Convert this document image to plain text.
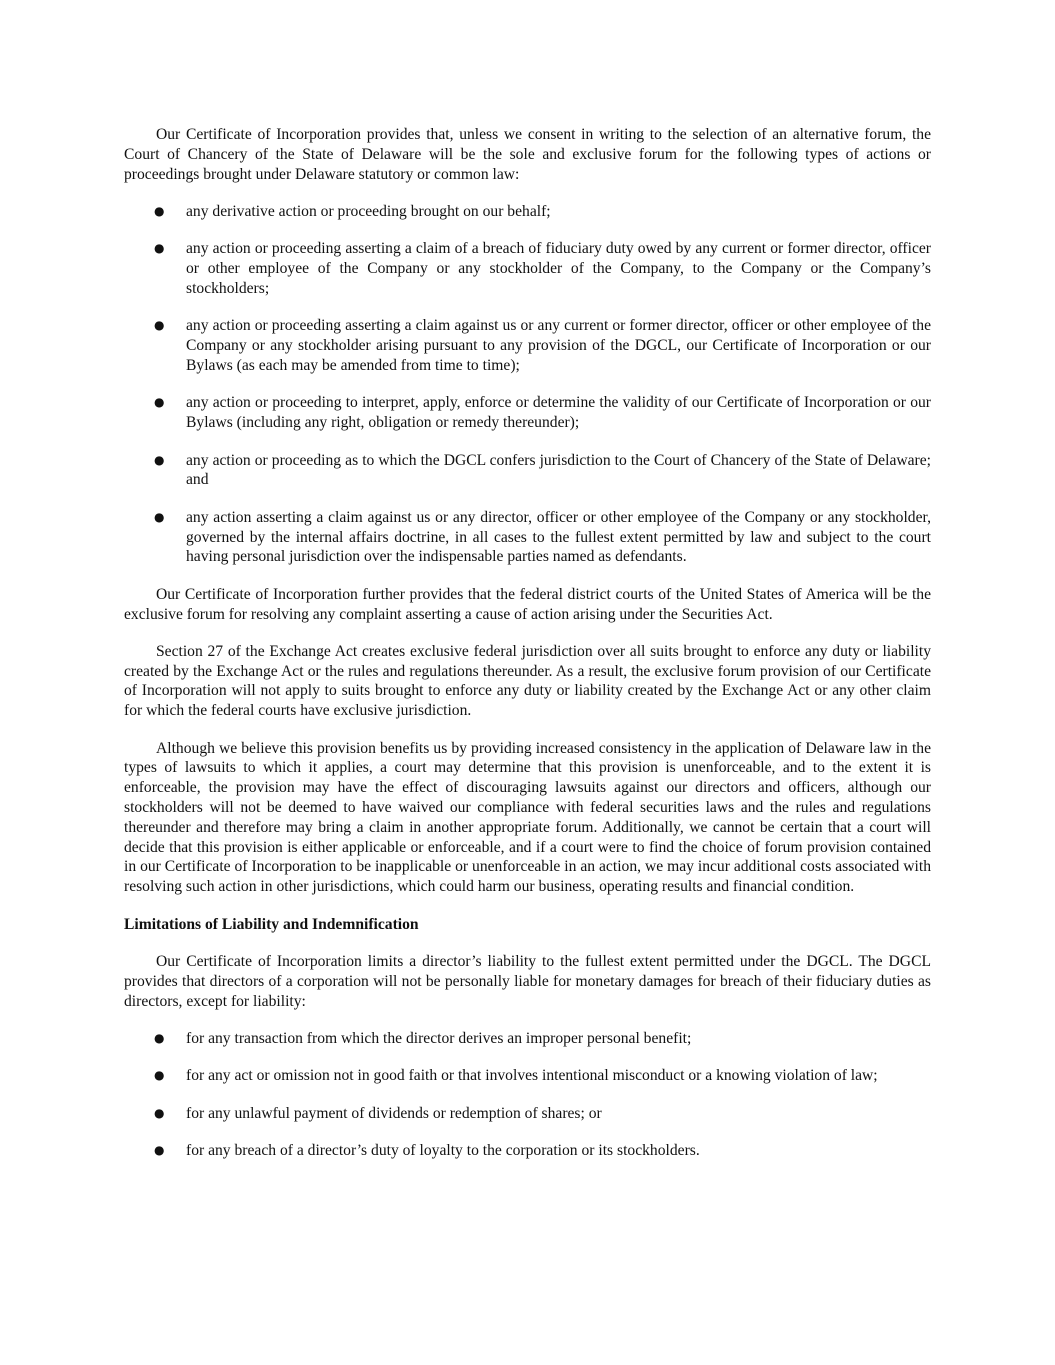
Our Certificate of Incorporation provides that, unless we consent in writing to the selection of an alternative forum, the Court of Chancery of the State of Delaware will be the sole and exclusive forum for the following types of actions or proceedings brought under Delaware statutory or common law:

● any derivative action or proceeding brought on our behalf;
● any action or proceeding asserting a claim of a breach of fiduciary duty owed by any current or former director, officer or other employee of the Company or any stockholder of the Company, to the Company or the Company’s stockholders;
● any action or proceeding asserting a claim against us or any current or former director, officer or other employee of the Company or any stockholder arising pursuant to any provision of the DGCL, our Certificate of Incorporation or our Bylaws (as each may be amended from time to time);
● any action or proceeding to interpret, apply, enforce or determine the validity of our Certificate of Incorporation or our Bylaws (including any right, obligation or remedy thereunder);
● any action or proceeding as to which the DGCL confers jurisdiction to the Court of Chancery of the State of Delaware; and
● any action asserting a claim against us or any director, officer or other employee of the Company or any stockholder, governed by the internal affairs doctrine, in all cases to the fullest extent permitted by law and subject to the court having personal jurisdiction over the indispensable parties named as defendants.

Our Certificate of Incorporation further provides that the federal district courts of the United States of America will be the exclusive forum for resolving any complaint asserting a cause of action arising under the Securities Act.

Section 27 of the Exchange Act creates exclusive federal jurisdiction over all suits brought to enforce any duty or liability created by the Exchange Act or the rules and regulations thereunder. As a result, the exclusive forum provision of our Certificate of Incorporation will not apply to suits brought to enforce any duty or liability created by the Exchange Act or any other claim for which the federal courts have exclusive jurisdiction.

Although we believe this provision benefits us by providing increased consistency in the application of Delaware law in the types of lawsuits to which it applies, a court may determine that this provision is unenforceable, and to the extent it is enforceable, the provision may have the effect of discouraging lawsuits against our directors and officers, although our stockholders will not be deemed to have waived our compliance with federal securities laws and the rules and regulations thereunder and therefore may bring a claim in another appropriate forum. Additionally, we cannot be certain that a court will decide that this provision is either applicable or enforceable, and if a court were to find the choice of forum provision contained in our Certificate of Incorporation to be inapplicable or unenforceable in an action, we may incur additional costs associated with resolving such action in other jurisdictions, which could harm our business, operating results and financial condition.

Limitations of Liability and Indemnification

Our Certificate of Incorporation limits a director’s liability to the fullest extent permitted under the DGCL. The DGCL provides that directors of a corporation will not be personally liable for monetary damages for breach of their fiduciary duties as directors, except for liability:

● for any transaction from which the director derives an improper personal benefit;
● for any act or omission not in good faith or that involves intentional misconduct or a knowing violation of law;
● for any unlawful payment of dividends or redemption of shares; or
● for any breach of a director’s duty of loyalty to the corporation or its stockholders.
